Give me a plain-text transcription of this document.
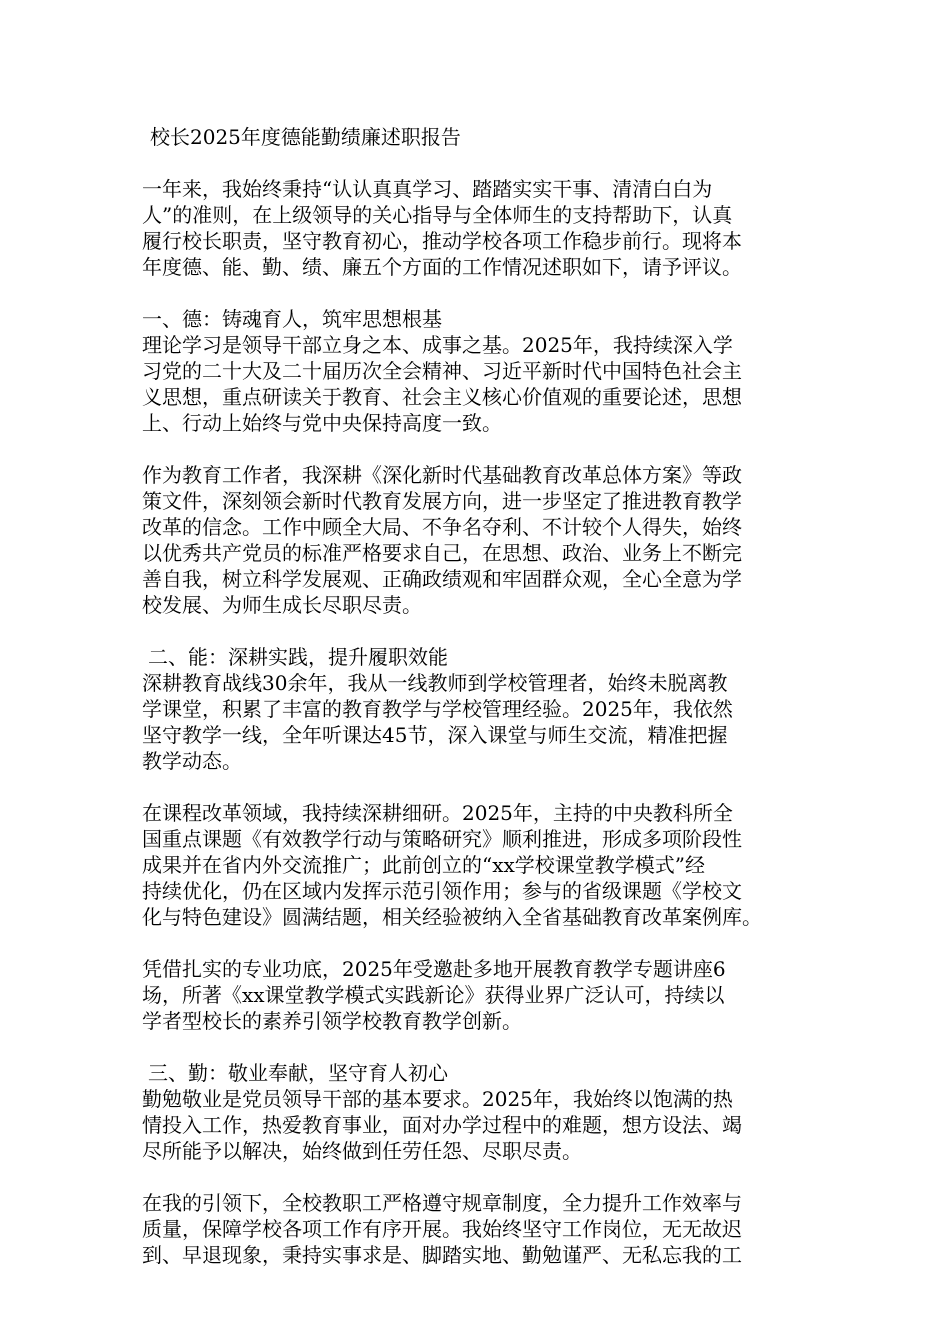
校长2025年度德能勤绩廉述职报告
一年来，我始终秉持“认认真真学习、踏踏实实干事、清清白白为
人”的准则，在上级领导的关心指导与全体师生的支持帮助下，认真
履行校长职责，坚守教育初心，推动学校各项工作稳步前行。现将本
年度德、能、勤、绩、廉五个方面的工作情况述职如下，请予评议。
一、德：铸魂育人，筑牢思想根基
理论学习是领导干部立身之本、成事之基。2025年，我持续深入学
习党的二十大及二十届历次全会精神、习近平新时代中国特色社会主
义思想，重点研读关于教育、社会主义核心价值观的重要论述，思想
上、行动上始终与党中央保持高度一致。
作为教育工作者，我深耕《深化新时代基础教育改革总体方案》等政
策文件，深刻领会新时代教育发展方向，进一步坚定了推进教育教学
改革的信念。工作中顾全大局、不争名夺利、不计较个人得失，始终
以优秀共产党员的标准严格要求自己，在思想、政治、业务上不断完
善自我，树立科学发展观、正确政绩观和牢固群众观，全心全意为学
校发展、为师生成长尽职尽责。
二、能：深耕实践，提升履职效能
深耕教育战线30余年，我从一线教师到学校管理者，始终未脱离教
学课堂，积累了丰富的教育教学与学校管理经验。2025年，我依然
坚守教学一线，全年听课达45节，深入课堂与师生交流，精准把握
教学动态。
在课程改革领域，我持续深耕细研。2025年，主持的中央教科所全
国重点课题《有效教学行动与策略研究》顺利推进，形成多项阶段性
成果并在省内外交流推广；此前创立的“xx学校课堂教学模式”经
持续优化，仍在区域内发挥示范引领作用；参与的省级课题《学校文
化与特色建设》圆满结题，相关经验被纳入全省基础教育改革案例库。
凭借扎实的专业功底，2025年受邀赴多地开展教育教学专题讲座6
场，所著《xx课堂教学模式实践新论》获得业界广泛认可，持续以
学者型校长的素养引领学校教育教学创新。
三、勤：敬业奉献，坚守育人初心
勤勉敬业是党员领导干部的基本要求。2025年，我始终以饱满的热
情投入工作，热爱教育事业，面对办学过程中的难题，想方设法、竭
尽所能予以解决，始终做到任劳任怨、尽职尽责。
在我的引领下，全校教职工严格遵守规章制度，全力提升工作效率与
质量，保障学校各项工作有序开展。我始终坚守工作岗位，无无故迟
到、早退现象，秉持实事求是、脚踏实地、勤勉谨严、无私忘我的工
